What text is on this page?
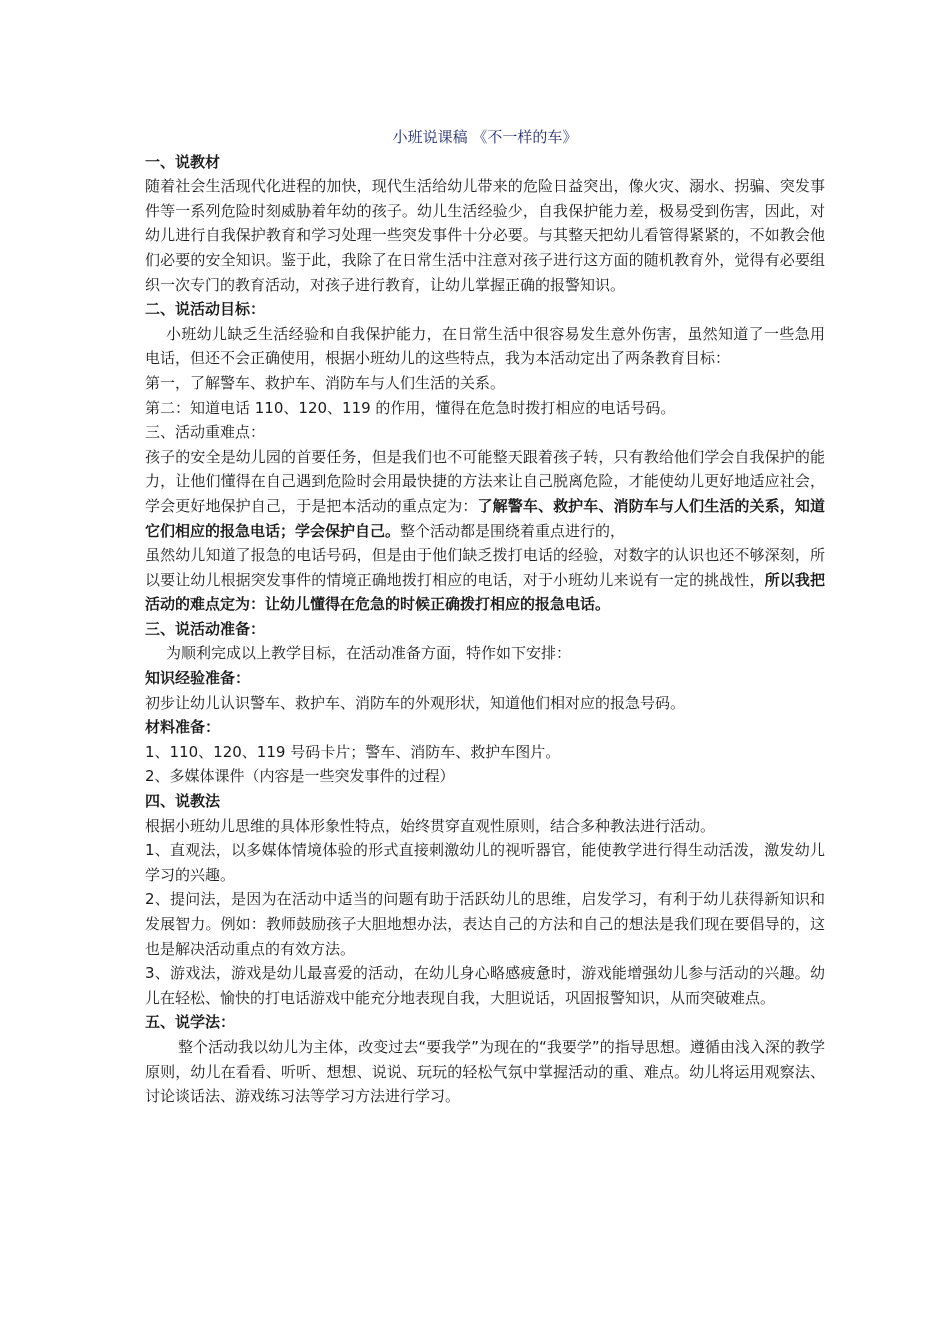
小班说课稿 《不一样的车》

一、说教材

随着社会生活现代化进程的加快，现代生活给幼儿带来的危险日益突出，像火灾、溺水、拐骗、突发事件等一系列危险时刻威胁着年幼的孩子。幼儿生活经验少，自我保护能力差，极易受到伤害，因此，对幼儿进行自我保护教育和学习处理一些突发事件十分必要。与其整天把幼儿看管得紧紧的，不如教会他们必要的安全知识。鉴于此，我除了在日常生活中注意对孩子进行这方面的随机教育外，觉得有必要组织一次专门的教育活动，对孩子进行教育，让幼儿掌握正确的报警知识。

二、说活动目标：

小班幼儿缺乏生活经验和自我保护能力，在日常生活中很容易发生意外伤害，虽然知道了一些急用电话，但还不会正确使用，根据小班幼儿的这些特点，我为本活动定出了两条教育目标：

第一，了解警车、救护车、消防车与人们生活的关系。

第二：知道电话 110、120、119 的作用，懂得在危急时拨打相应的电话号码。

三、活动重难点：

孩子的安全是幼儿园的首要任务，但是我们也不可能整天跟着孩子转，只有教给他们学会自我保护的能力，让他们懂得在自己遇到危险时会用最快捷的方法来让自己脱离危险，才能使幼儿更好地适应社会，学会更好地保护自己，于是把本活动的重点定为：了解警车、救护车、消防车与人们生活的关系，知道它们相应的报急电话；学会保护自己。整个活动都是围绕着重点进行的，

虽然幼儿知道了报急的电话号码，但是由于他们缺乏拨打电话的经验，对数字的认识也还不够深刻，所以要让幼儿根据突发事件的情境正确地拨打相应的电话，对于小班幼儿来说有一定的挑战性，所以我把活动的难点定为：让幼儿懂得在危急的时候正确拨打相应的报急电话。

三、说活动准备：

为顺利完成以上教学目标，在活动准备方面，特作如下安排：

知识经验准备：

初步让幼儿认识警车、救护车、消防车的外观形状，知道他们相对应的报急号码。

材料准备：

1、110、120、119 号码卡片；警车、消防车、救护车图片。

2、多媒体课件（内容是一些突发事件的过程）

四、说教法

根据小班幼儿思维的具体形象性特点，始终贯穿直观性原则，结合多种教法进行活动。

1、直观法，以多媒体情境体验的形式直接刺激幼儿的视听器官，能使教学进行得生动活泼，激发幼儿学习的兴趣。

2、提问法，是因为在活动中适当的问题有助于活跃幼儿的思维，启发学习，有利于幼儿获得新知识和发展智力。例如：教师鼓励孩子大胆地想办法，表达自己的方法和自己的想法是我们现在要倡导的，这也是解决活动重点的有效方法。

3、游戏法，游戏是幼儿最喜爱的活动，在幼儿身心略感疲惫时，游戏能增强幼儿参与活动的兴趣。幼儿在轻松、愉快的打电话游戏中能充分地表现自我，大胆说话，巩固报警知识，从而突破难点。

五、说学法：

整个活动我以幼儿为主体，改变过去“要我学”为现在的“我要学”的指导思想。遵循由浅入深的教学原则，幼儿在看看、听听、想想、说说、玩玩的轻松气氛中掌握活动的重、难点。幼儿将运用观察法、讨论谈话法、游戏练习法等学习方法进行学习。
